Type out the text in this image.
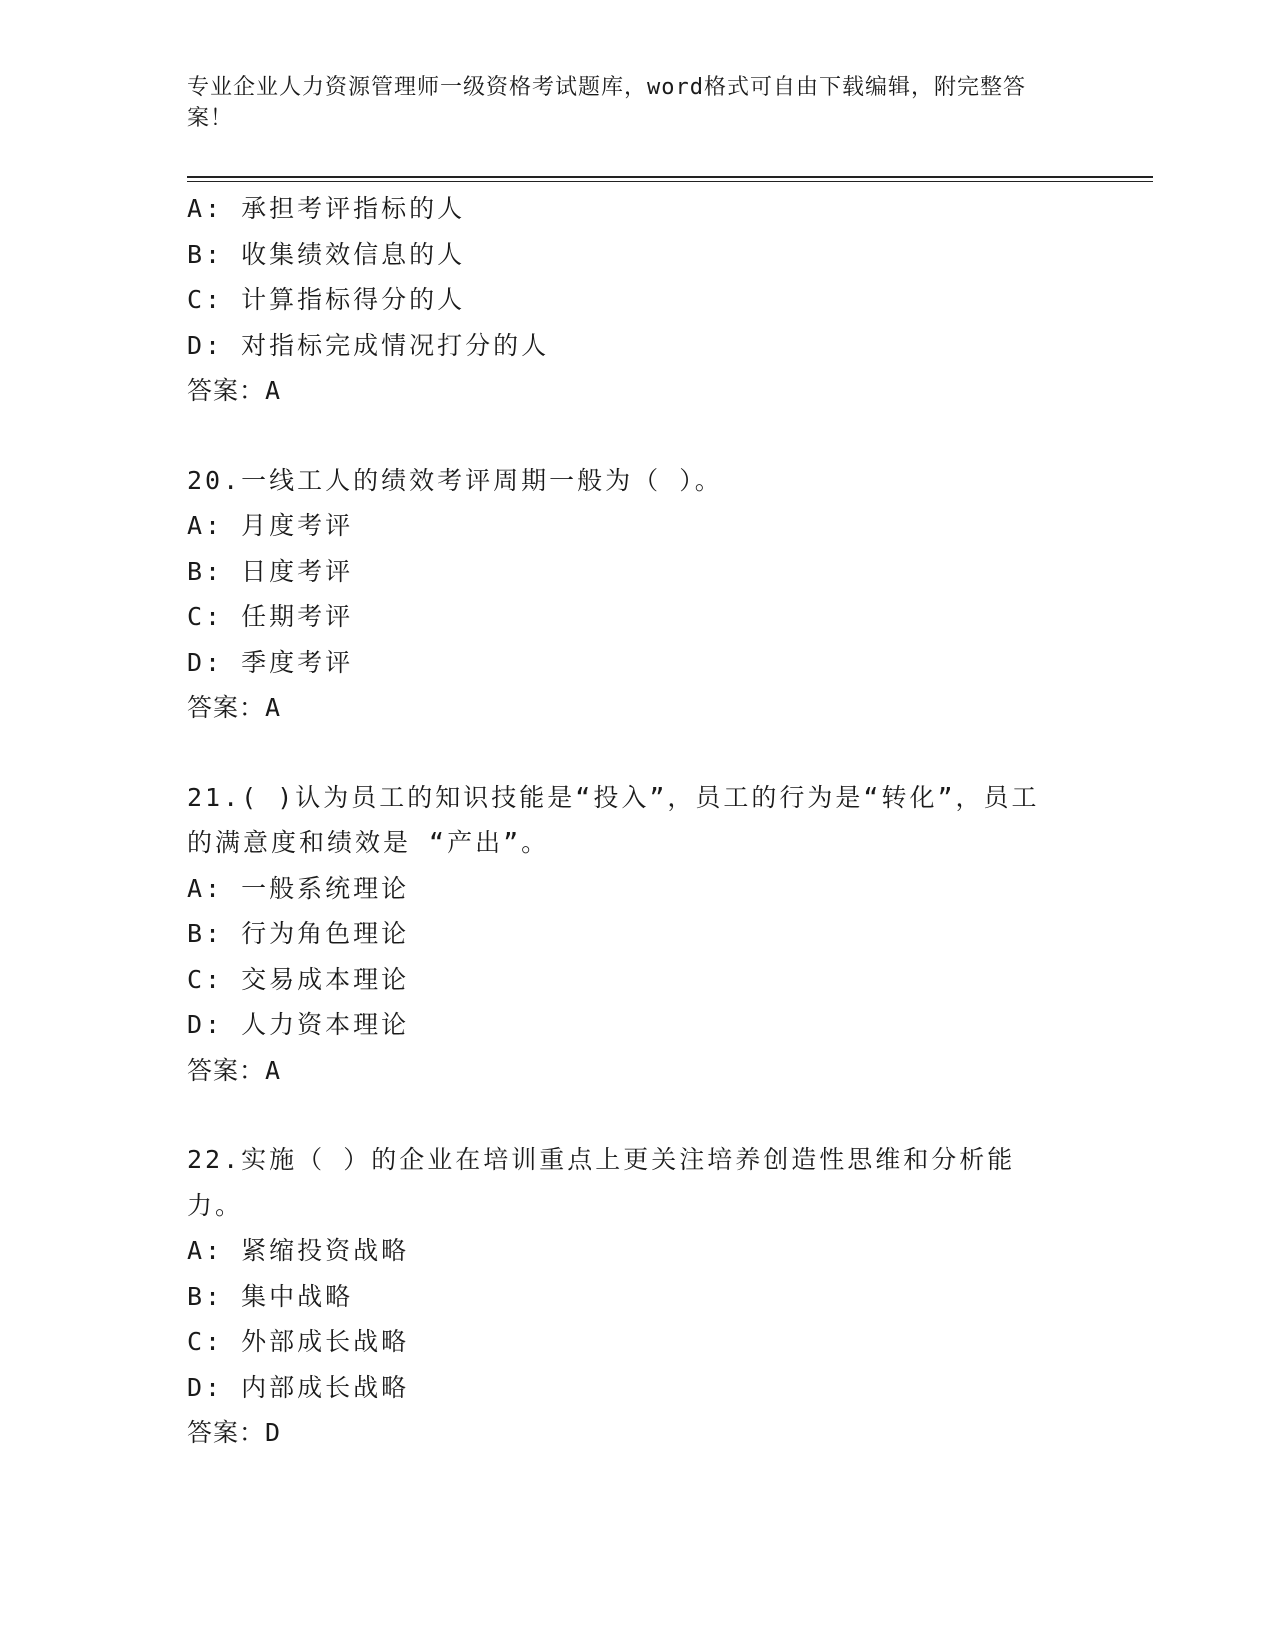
专业企业人力资源管理师一级资格考试题库，word格式可自由下载编辑，附完整答案！
A: 承担考评指标的人
B: 收集绩效信息的人
C: 计算指标得分的人
D: 对指标完成情况打分的人
答案：A
20.一线工人的绩效考评周期一般为（ ）。
A: 月度考评
B: 日度考评
C: 任期考评
D: 季度考评
答案：A
21.( )认为员工的知识技能是“投入”，员工的行为是“转化”，员工的满意度和绩效是 “产出”。
A: 一般系统理论
B: 行为角色理论
C: 交易成本理论
D: 人力资本理论
答案：A
22.实施（ ）的企业在培训重点上更关注培养创造性思维和分析能力。
A: 紧缩投资战略
B: 集中战略
C: 外部成长战略
D: 内部成长战略
答案：D
